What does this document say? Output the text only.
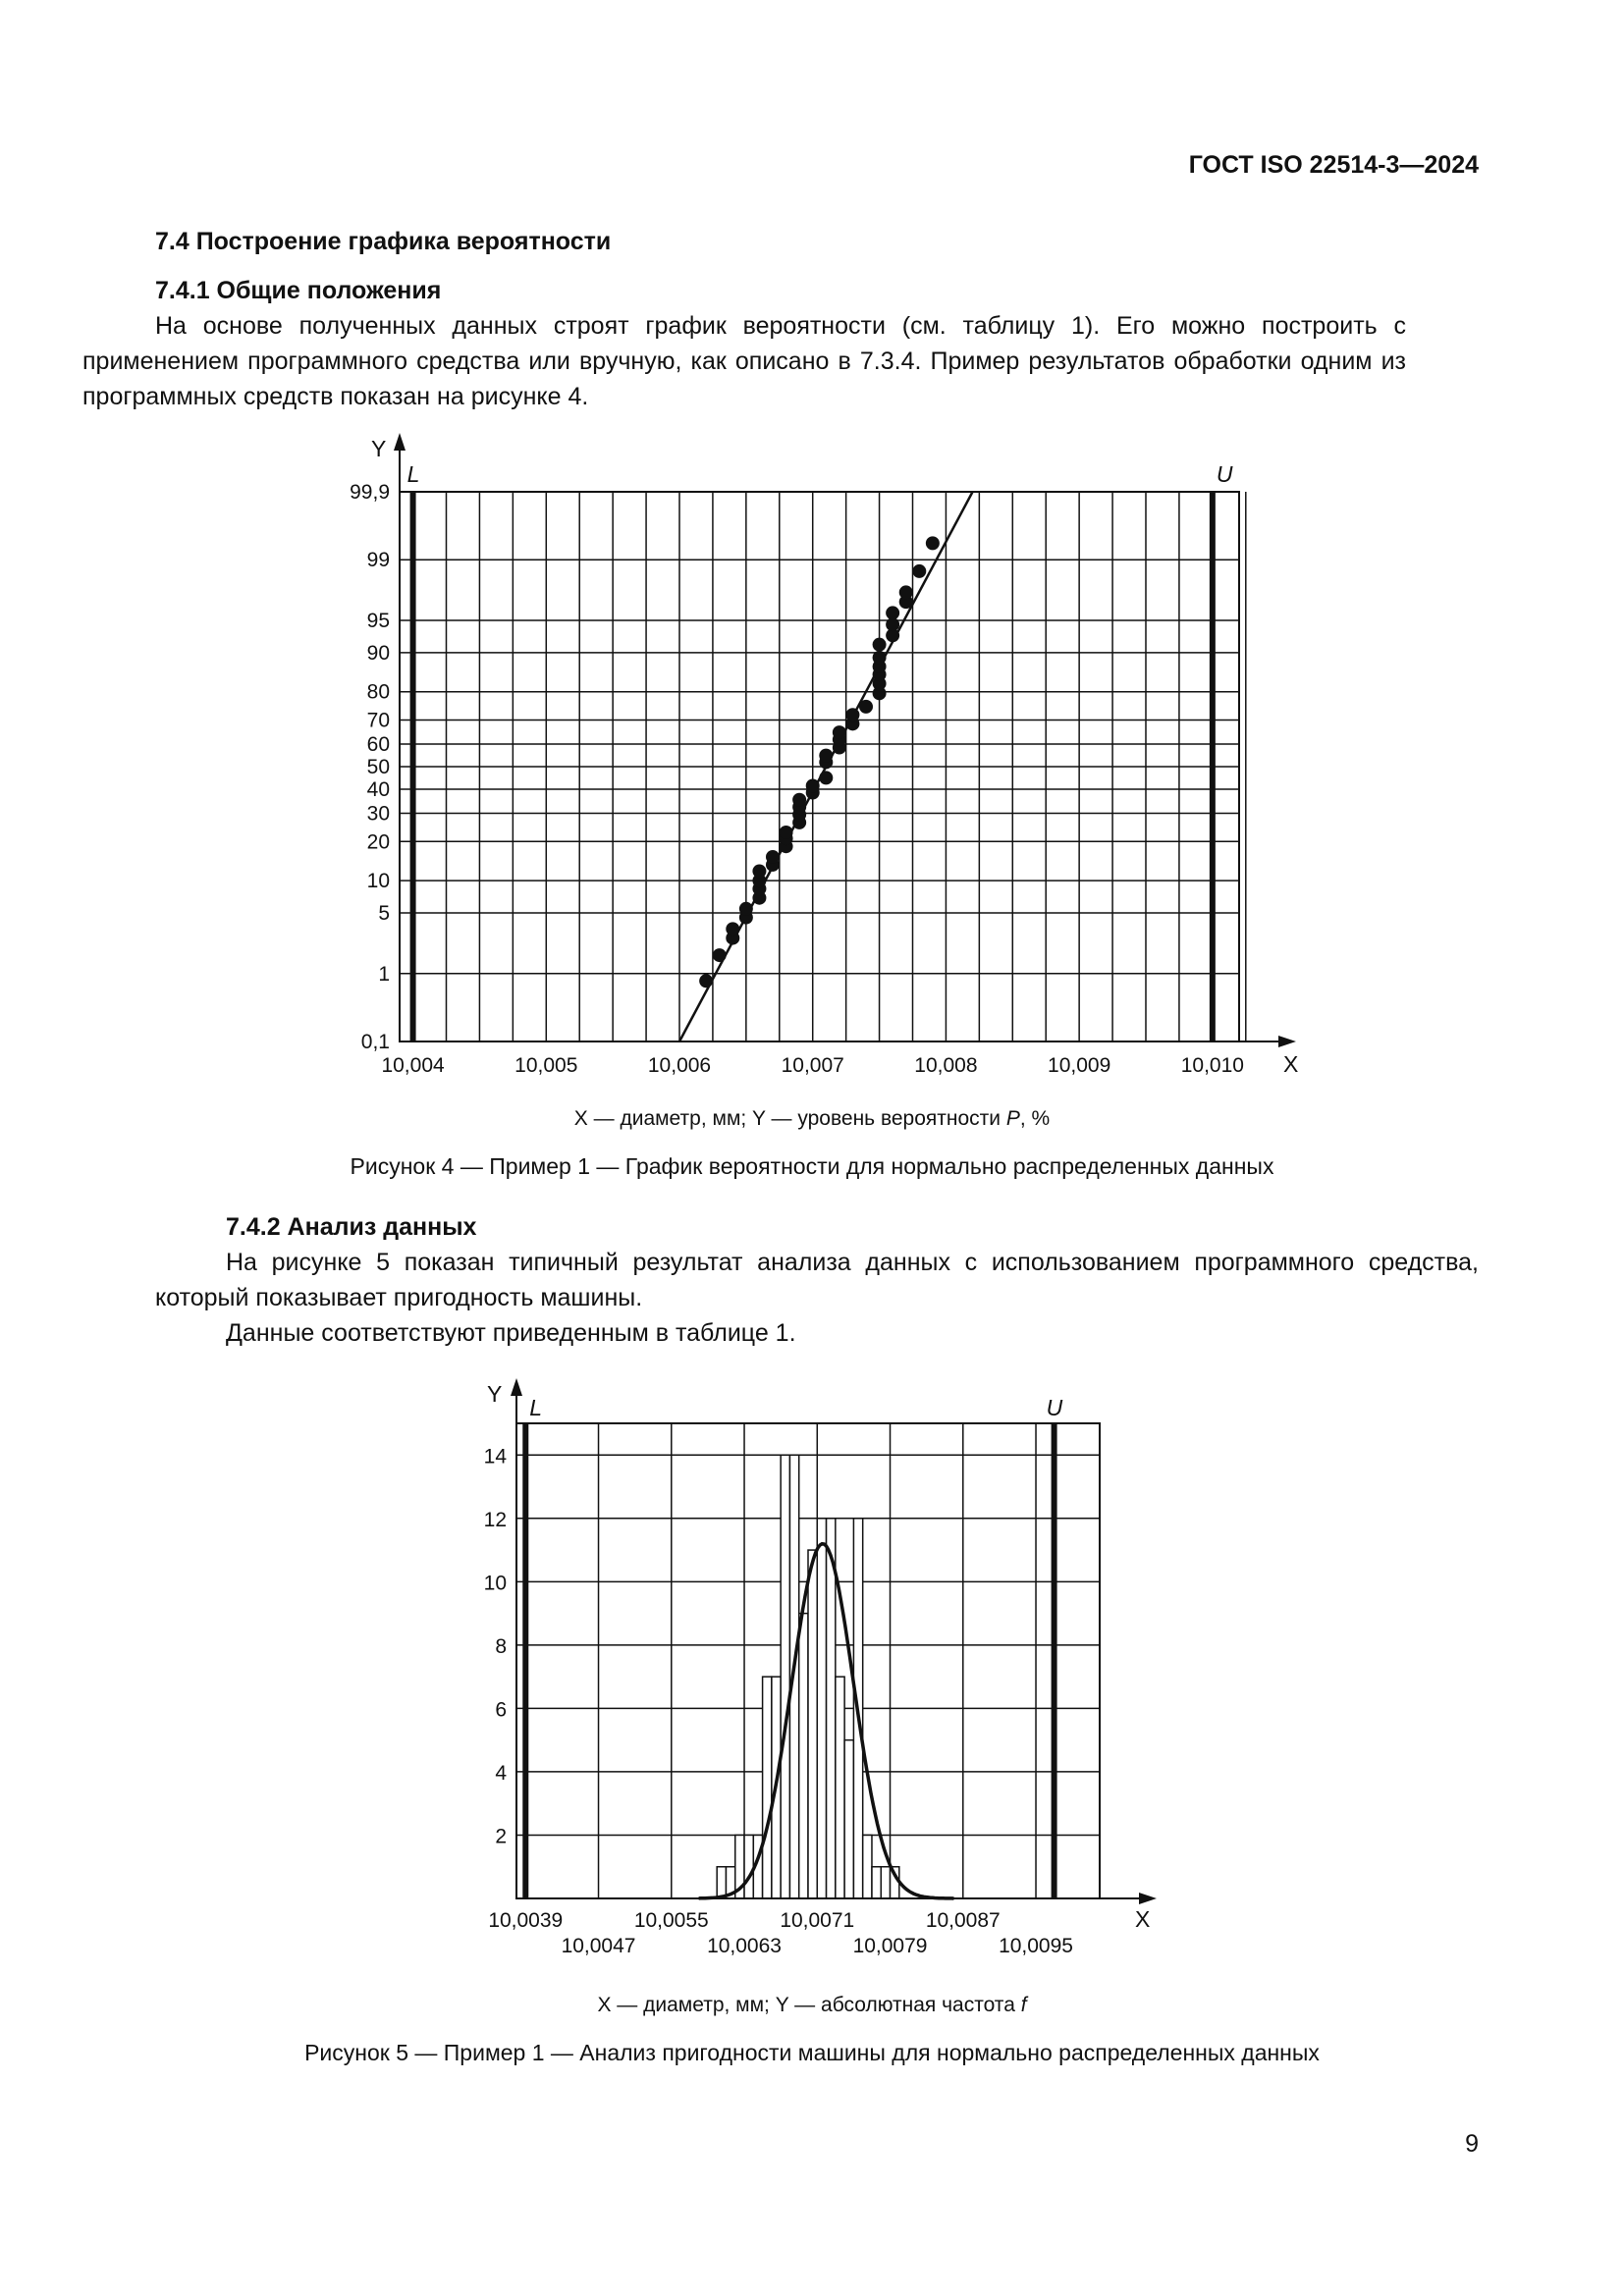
ГОСТ ISO 22514-3—2024
7.4 Построение графика вероятности
7.4.1 Общие положения
На основе полученных данных строят график вероятности (см. таблицу 1). Его можно построить с применением программного средства или вручную, как описано в 7.3.4. Пример результатов обработки одним из программных средств показан на рисунке 4.
0,1
1
5
10
20
30
40
50
60
70
80
90
95
99
99,9
10,004	10,005	10,006	10,007	10,008	10,009	10,010 X
Y
L	U
X — диаметр, мм; Y — уровень вероятности P, %
Рисунок 4 — Пример 1 — График вероятности для нормально распределенных данных
7.4.2 Анализ данных
На рисунке 5 показан типичный результат анализа данных с использованием программного средства, который показывает пригодность машины.
Данные соответствуют приведенным в таблице 1.
2
4
6
8
10
12
14
10,0039	10,0055	10,0071	10,0087
10,0047	10,0063	10,0079	10,0095
L	U
X
Y
X — диаметр, мм; Y — абсолютная частота f
Рисунок 5 — Пример 1 — Анализ пригодности машины для нормально распределенных данных
9
